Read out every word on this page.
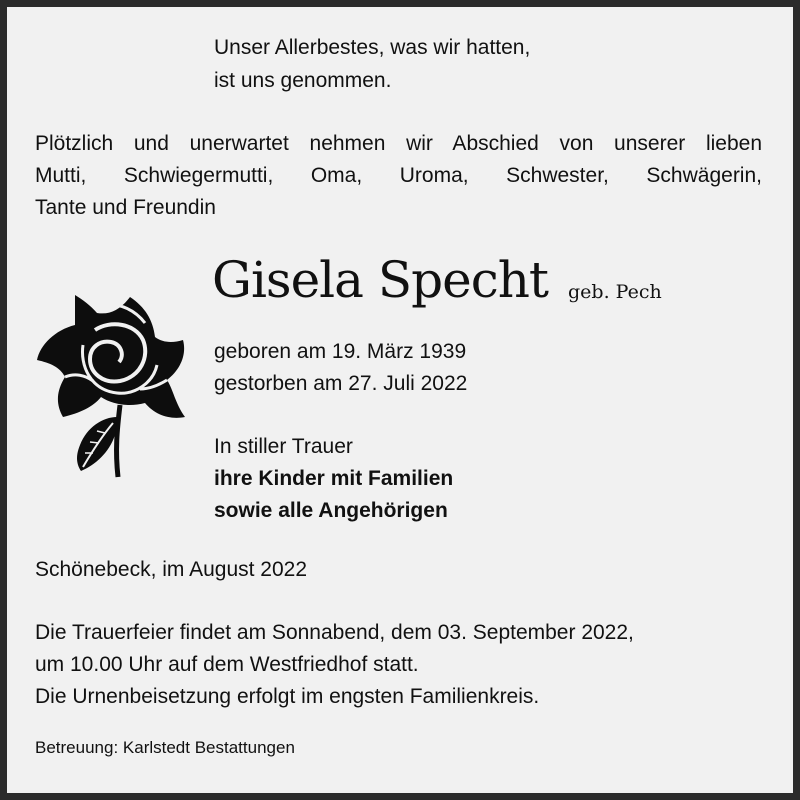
Unser Allerbestes, was wir hatten,
ist uns genommen.
Plötzlich und unerwartet nehmen wir Abschied von unserer lieben
Mutti, Schwiegermutti, Oma, Uroma, Schwester, Schwägerin,
Tante und Freundin
Gisela Specht geb. Pech
geboren am 19. März 1939
gestorben am 27. Juli 2022
In stiller Trauer
ihre Kinder mit Familien
sowie alle Angehörigen
Schönebeck, im August 2022
Die Trauerfeier findet am Sonnabend, dem 03. September 2022,
um 10.00 Uhr auf dem Westfriedhof statt.
Die Urnenbeisetzung erfolgt im engsten Familienkreis.
Betreuung: Karlstedt Bestattungen
